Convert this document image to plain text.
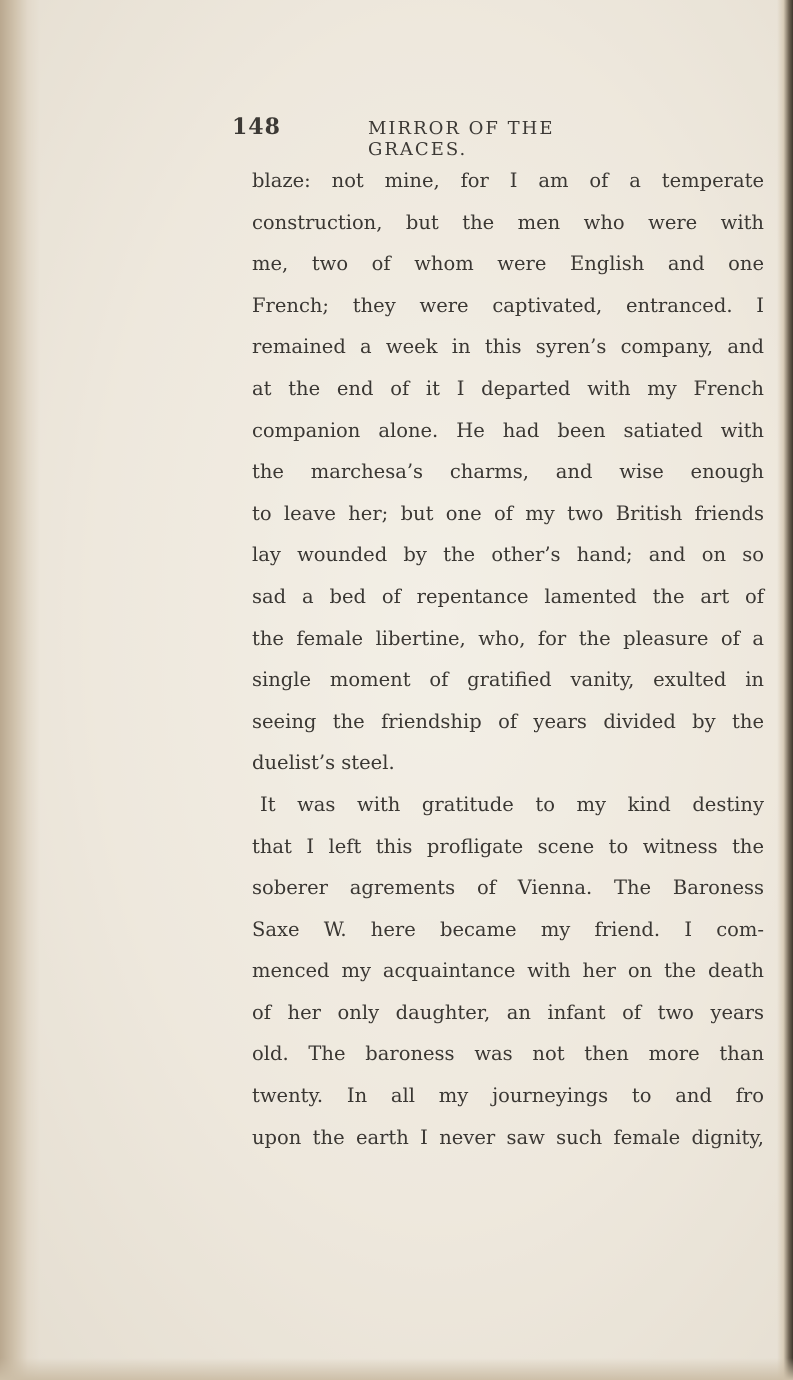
148	MIRROR OF THE GRACES.
blaze: not mine, for I am of a temperate
construction, but the men who were with
me, two of whom were English and one
French; they were captivated, entranced. I
remained a week in this syren’s company, and
at the end of it I departed with my French
companion alone. He had been satiated with
the marchesa’s charms, and wise enough
to leave her; but one of my two British friends
lay wounded by the other’s hand; and on so
sad a bed of repentance lamented the art of
the female libertine, who, for the pleasure of a
single moment of gratified vanity, exulted in
seeing the friendship of years divided by the
duelist’s steel.
It was with gratitude to my kind destiny
that I left this profligate scene to witness the
soberer agrements of Vienna. The Baroness
Saxe W. here became my friend. I com-
menced my acquaintance with her on the death
of her only daughter, an infant of two years
old. The baroness was not then more than
twenty. In all my journeyings to and fro
upon the earth I never saw such female dignity,
